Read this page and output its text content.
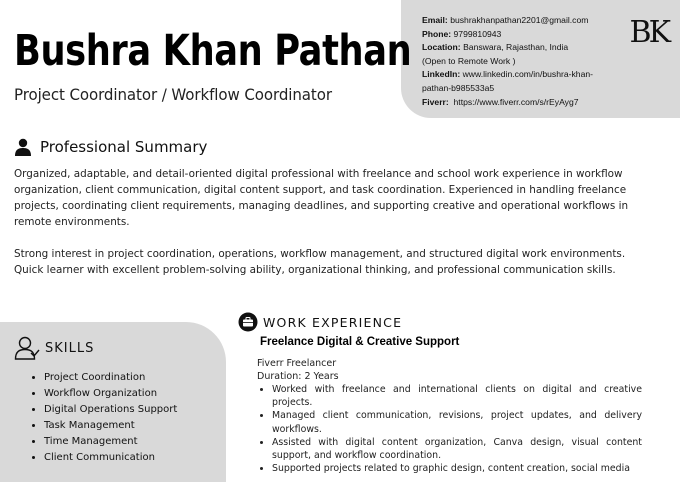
Email: bushrakhanpathan2201@gmail.com
Phone: 9799810943
Location: Banswara, Rajasthan, India
(Open to Remote Work )
LinkedIn: www.linkedin.com/in/bushra-khan-
pathan-b985533a5
Fiverr: https://www.fiverr.com/s/rEyAyg7
BK
Bushra Khan Pathan
Project Coordinator / Workflow Coordinator
Professional Summary

Organized, adaptable, and detail-oriented digital professional with freelance and school work experience in workflow organization, client communication, digital content support, and task coordination. Experienced in handling freelance projects, coordinating client requirements, managing deadlines, and supporting creative and operational workflows in remote environments.

Strong interest in project coordination, operations, workflow management, and structured digital work environments. Quick learner with excellent problem-solving ability, organizational thinking, and professional communication skills.

SKILLS
• Project Coordination
• Workflow Organization
• Digital Operations Support
• Task Management
• Time Management
• Client Communication
WORK EXPERIENCE
Freelance Digital & Creative Support
Fiverr Freelancer
Duration: 2 Years
• Worked with freelance and international clients on digital and creative projects.
• Managed client communication, revisions, project updates, and delivery workflows.
• Assisted with digital content organization, Canva design, visual content support, and workflow coordination.
• Supported projects related to graphic design, content creation, social media
